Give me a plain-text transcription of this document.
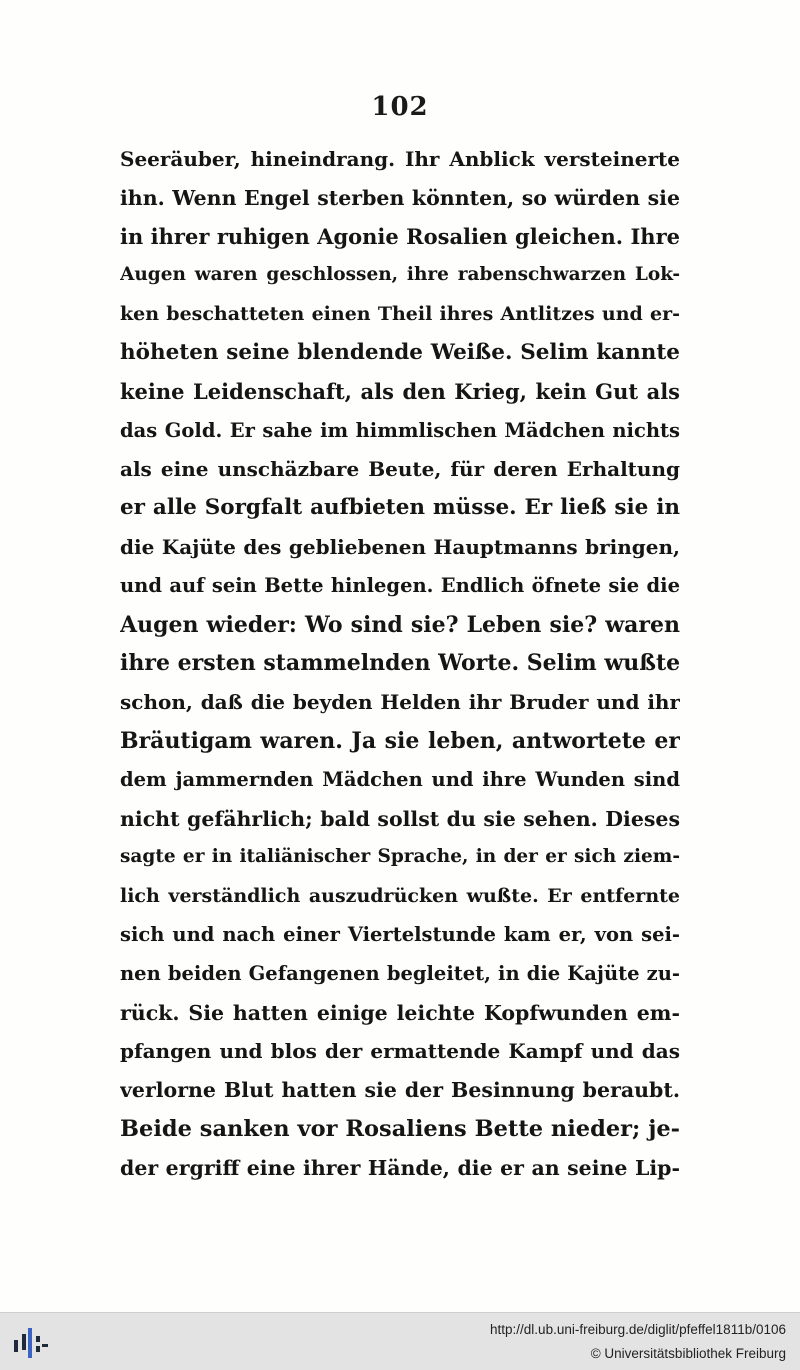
102
Seeräuber, hineindrang. Ihr Anblick versteinerte
ihn. Wenn Engel sterben könnten, so würden sie
in ihrer ruhigen Agonie Rosalien gleichen. Ihre
Augen waren geschlossen, ihre rabenschwarzen Lok-
ken beschatteten einen Theil ihres Antlitzes und er-
höheten seine blendende Weiße. Selim kannte
keine Leidenschaft, als den Krieg, kein Gut als
das Gold. Er sahe im himmlischen Mädchen nichts
als eine unschäzbare Beute, für deren Erhaltung
er alle Sorgfalt aufbieten müsse. Er ließ sie in
die Kajüte des gebliebenen Hauptmanns bringen,
und auf sein Bette hinlegen. Endlich öfnete sie die
Augen wieder: Wo sind sie? Leben sie? waren
ihre ersten stammelnden Worte. Selim wußte
schon, daß die beyden Helden ihr Bruder und ihr
Bräutigam waren. Ja sie leben, antwortete er
dem jammernden Mädchen und ihre Wunden sind
nicht gefährlich; bald sollst du sie sehen. Dieses
sagte er in italiänischer Sprache, in der er sich ziem-
lich verständlich auszudrücken wußte. Er entfernte
sich und nach einer Viertelstunde kam er, von sei-
nen beiden Gefangenen begleitet, in die Kajüte zu-
rück. Sie hatten einige leichte Kopfwunden em-
pfangen und blos der ermattende Kampf und das
verlorne Blut hatten sie der Besinnung beraubt.
Beide sanken vor Rosaliens Bette nieder; je-
der ergriff eine ihrer Hände, die er an seine Lip-
http://dl.ub.uni-freiburg.de/diglit/pfeffel1811b/0106
© Universitätsbibliothek Freiburg
